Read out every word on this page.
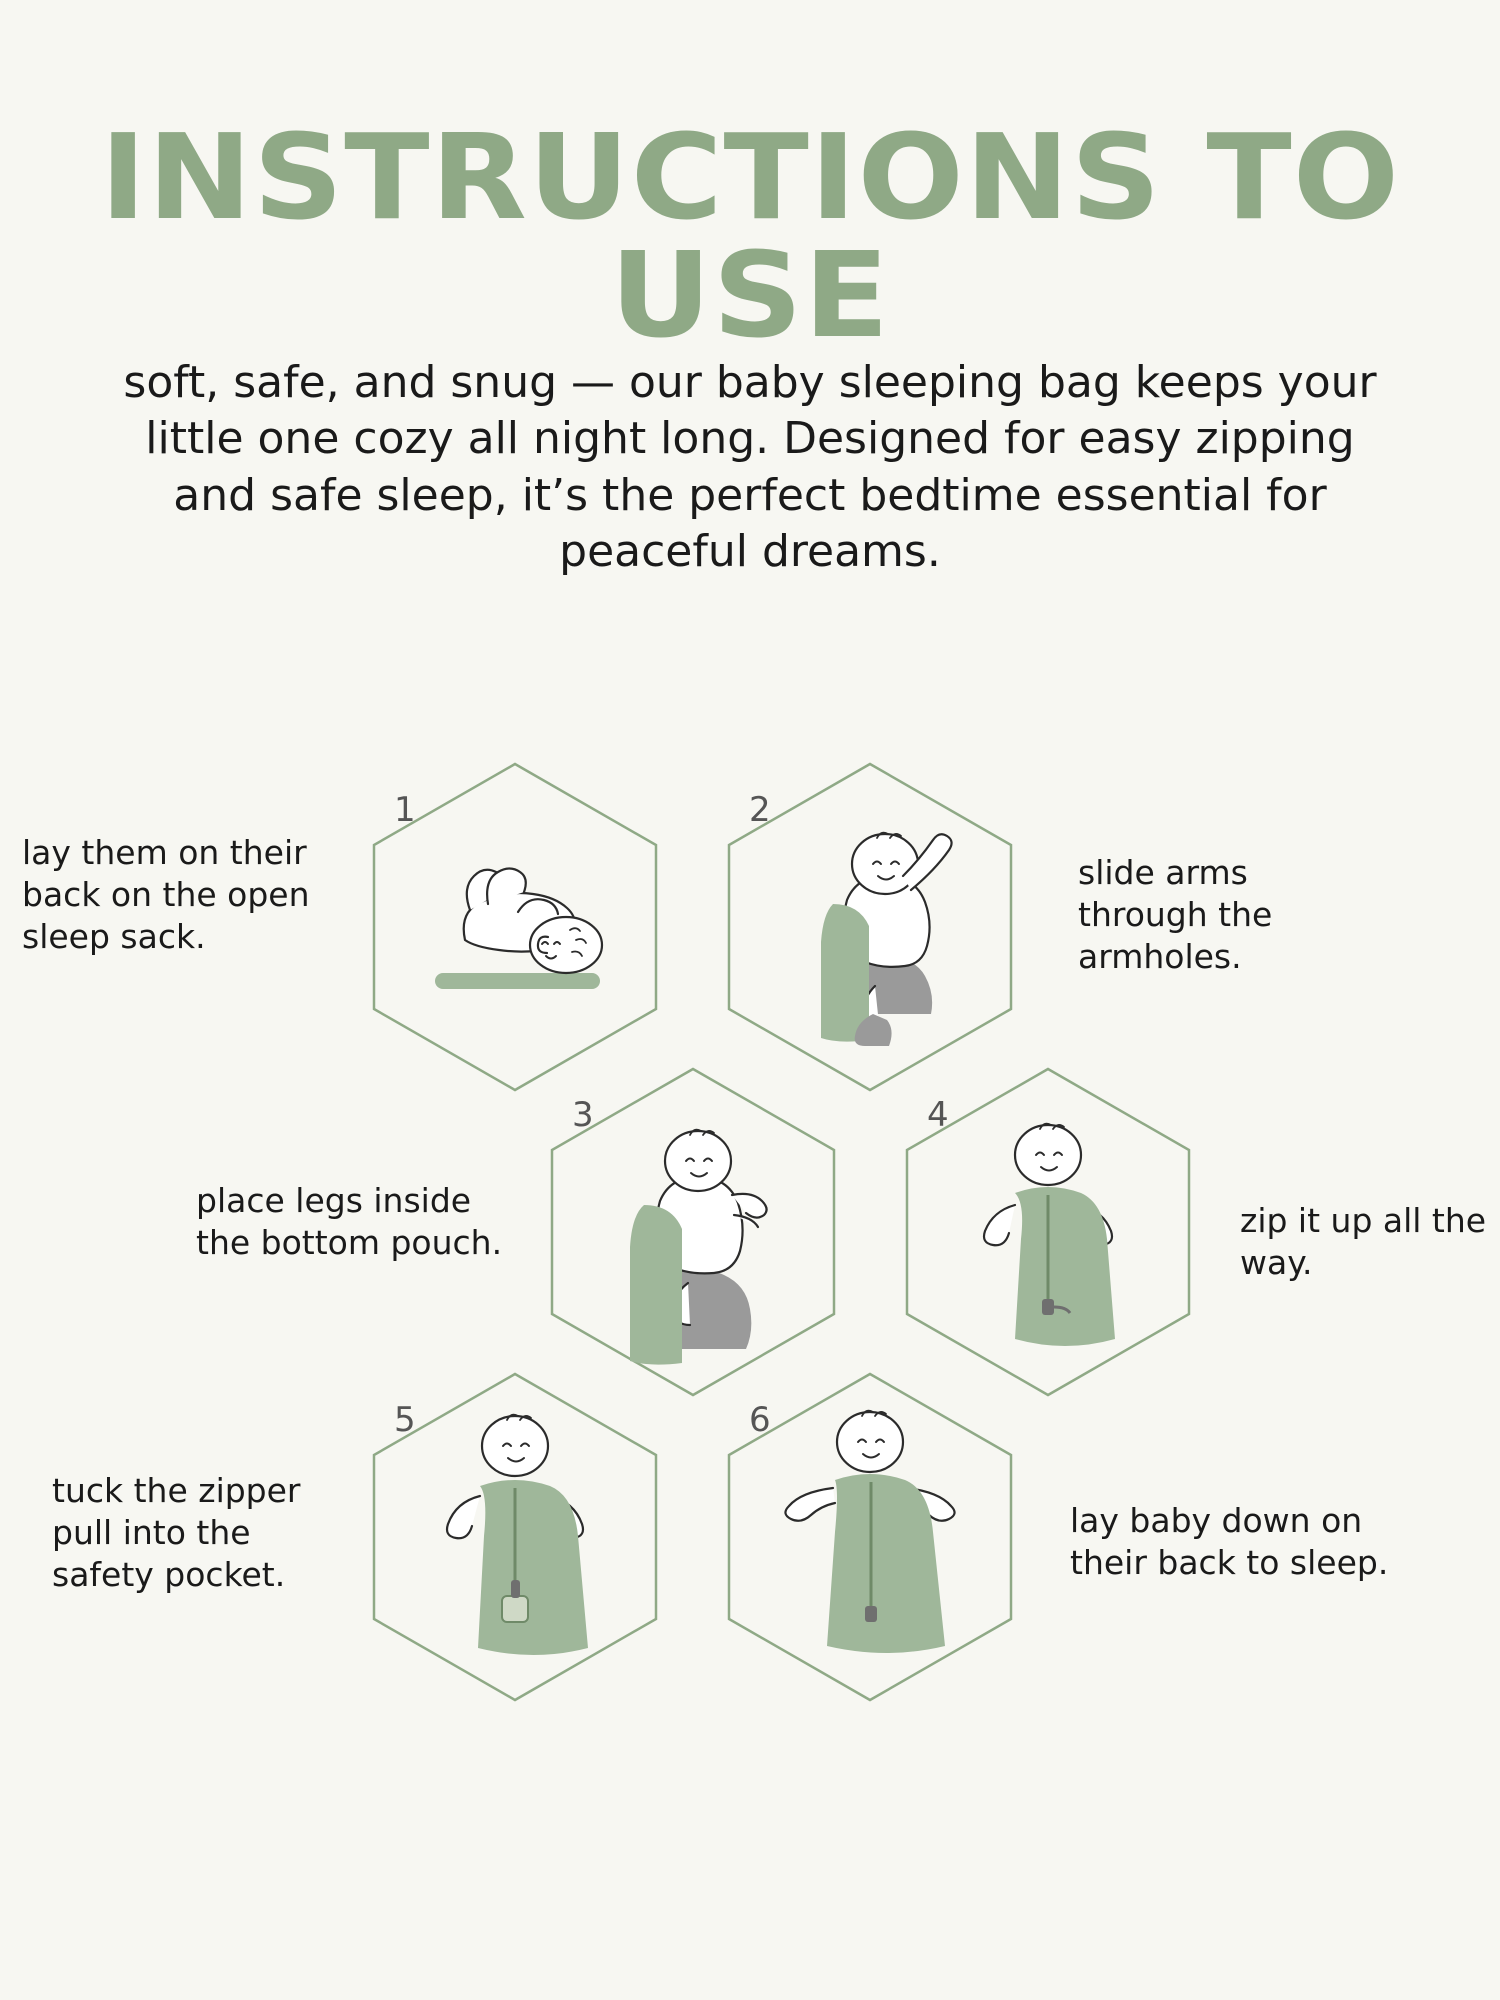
INSTRUCTIONS TO USE
soft, safe, and snug — our baby sleeping bag keeps your little one cozy all night long. Designed for easy zipping and safe sleep, it’s the perfect bedtime essential for peaceful dreams.
1	2
3	4
5	6
lay them on their back on the open sleep sack.
slide arms through the armholes.
place legs inside the bottom pouch.
zip it up all the way.
tuck the zipper pull into the safety pocket.
lay baby down on their back to sleep.
